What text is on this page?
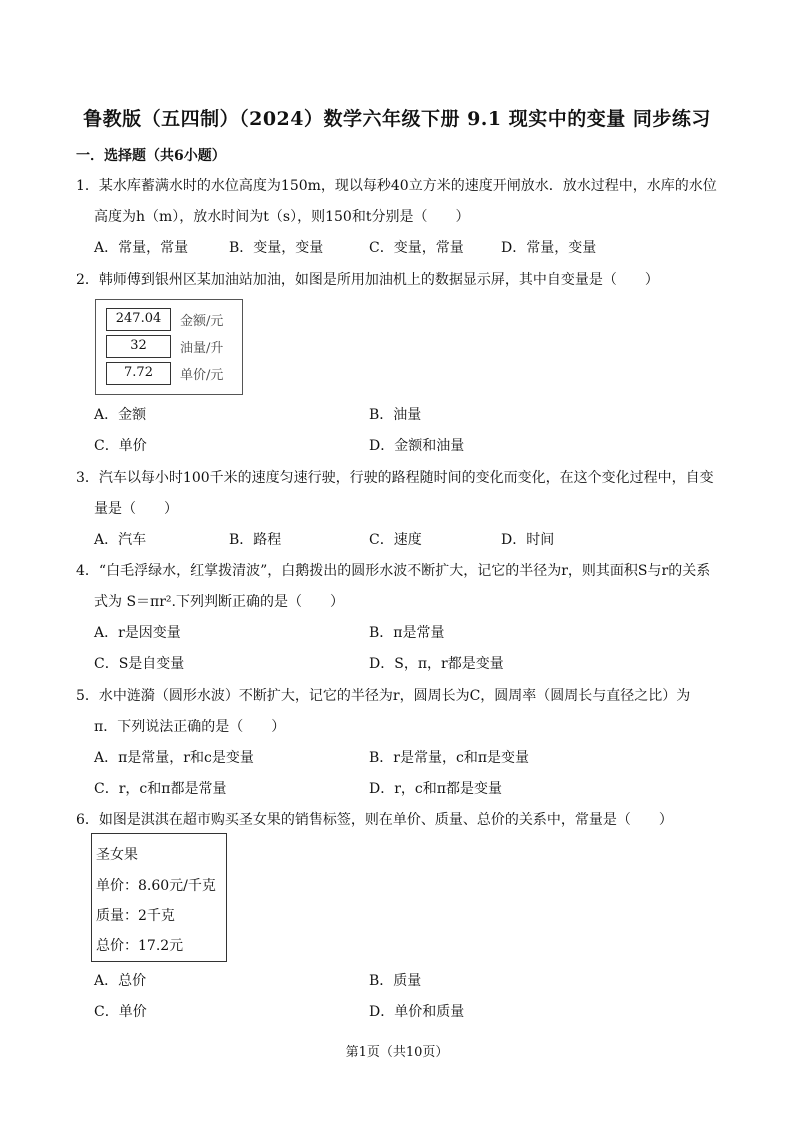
鲁教版（五四制）（2024）数学六年级下册 9.1 现实中的变量 同步练习
一．选择题（共6小题）
1．某水库蓄满水时的水位高度为150m，现以每秒40立方米的速度开闸放水．放水过程中，水库的水位
高度为h（m），放水时间为t（s），则150和t分别是（　　）
A．常量，常量	B．变量，变量	C．变量，常量	D．常量，变量
2．韩师傅到银州区某加油站加油，如图是所用加油机上的数据显示屏，其中自变量是（　　）
247.04	金额/元
32	油量/升
7.72	单价/元
A．金额	B．油量
C．单价	D．金额和油量
3．汽车以每小时100千米的速度匀速行驶，行驶的路程随时间的变化而变化，在这个变化过程中，自变
量是（　　）
A．汽车	B．路程	C．速度	D．时间
4．“白毛浮绿水，红掌拨清波”，白鹅拨出的圆形水波不断扩大，记它的半径为r，则其面积S与r的关系
式为 S＝πr².下列判断正确的是（　　）
A．r是因变量	B．π是常量
C．S是自变量	D．S，π，r都是变量
5．水中涟漪（圆形水波）不断扩大，记它的半径为r，圆周长为C，圆周率（圆周长与直径之比）为
π．下列说法正确的是（　　）
A．π是常量，r和c是变量	B．r是常量，c和π是变量
C．r，c和π都是常量	D．r，c和π都是变量
6．如图是淇淇在超市购买圣女果的销售标签，则在单价、质量、总价的关系中，常量是（　　）
圣女果
单价：8.60元/千克
质量：2千克
总价：17.2元
A．总价	B．质量
C．单价	D．单价和质量
第1页（共10页）
